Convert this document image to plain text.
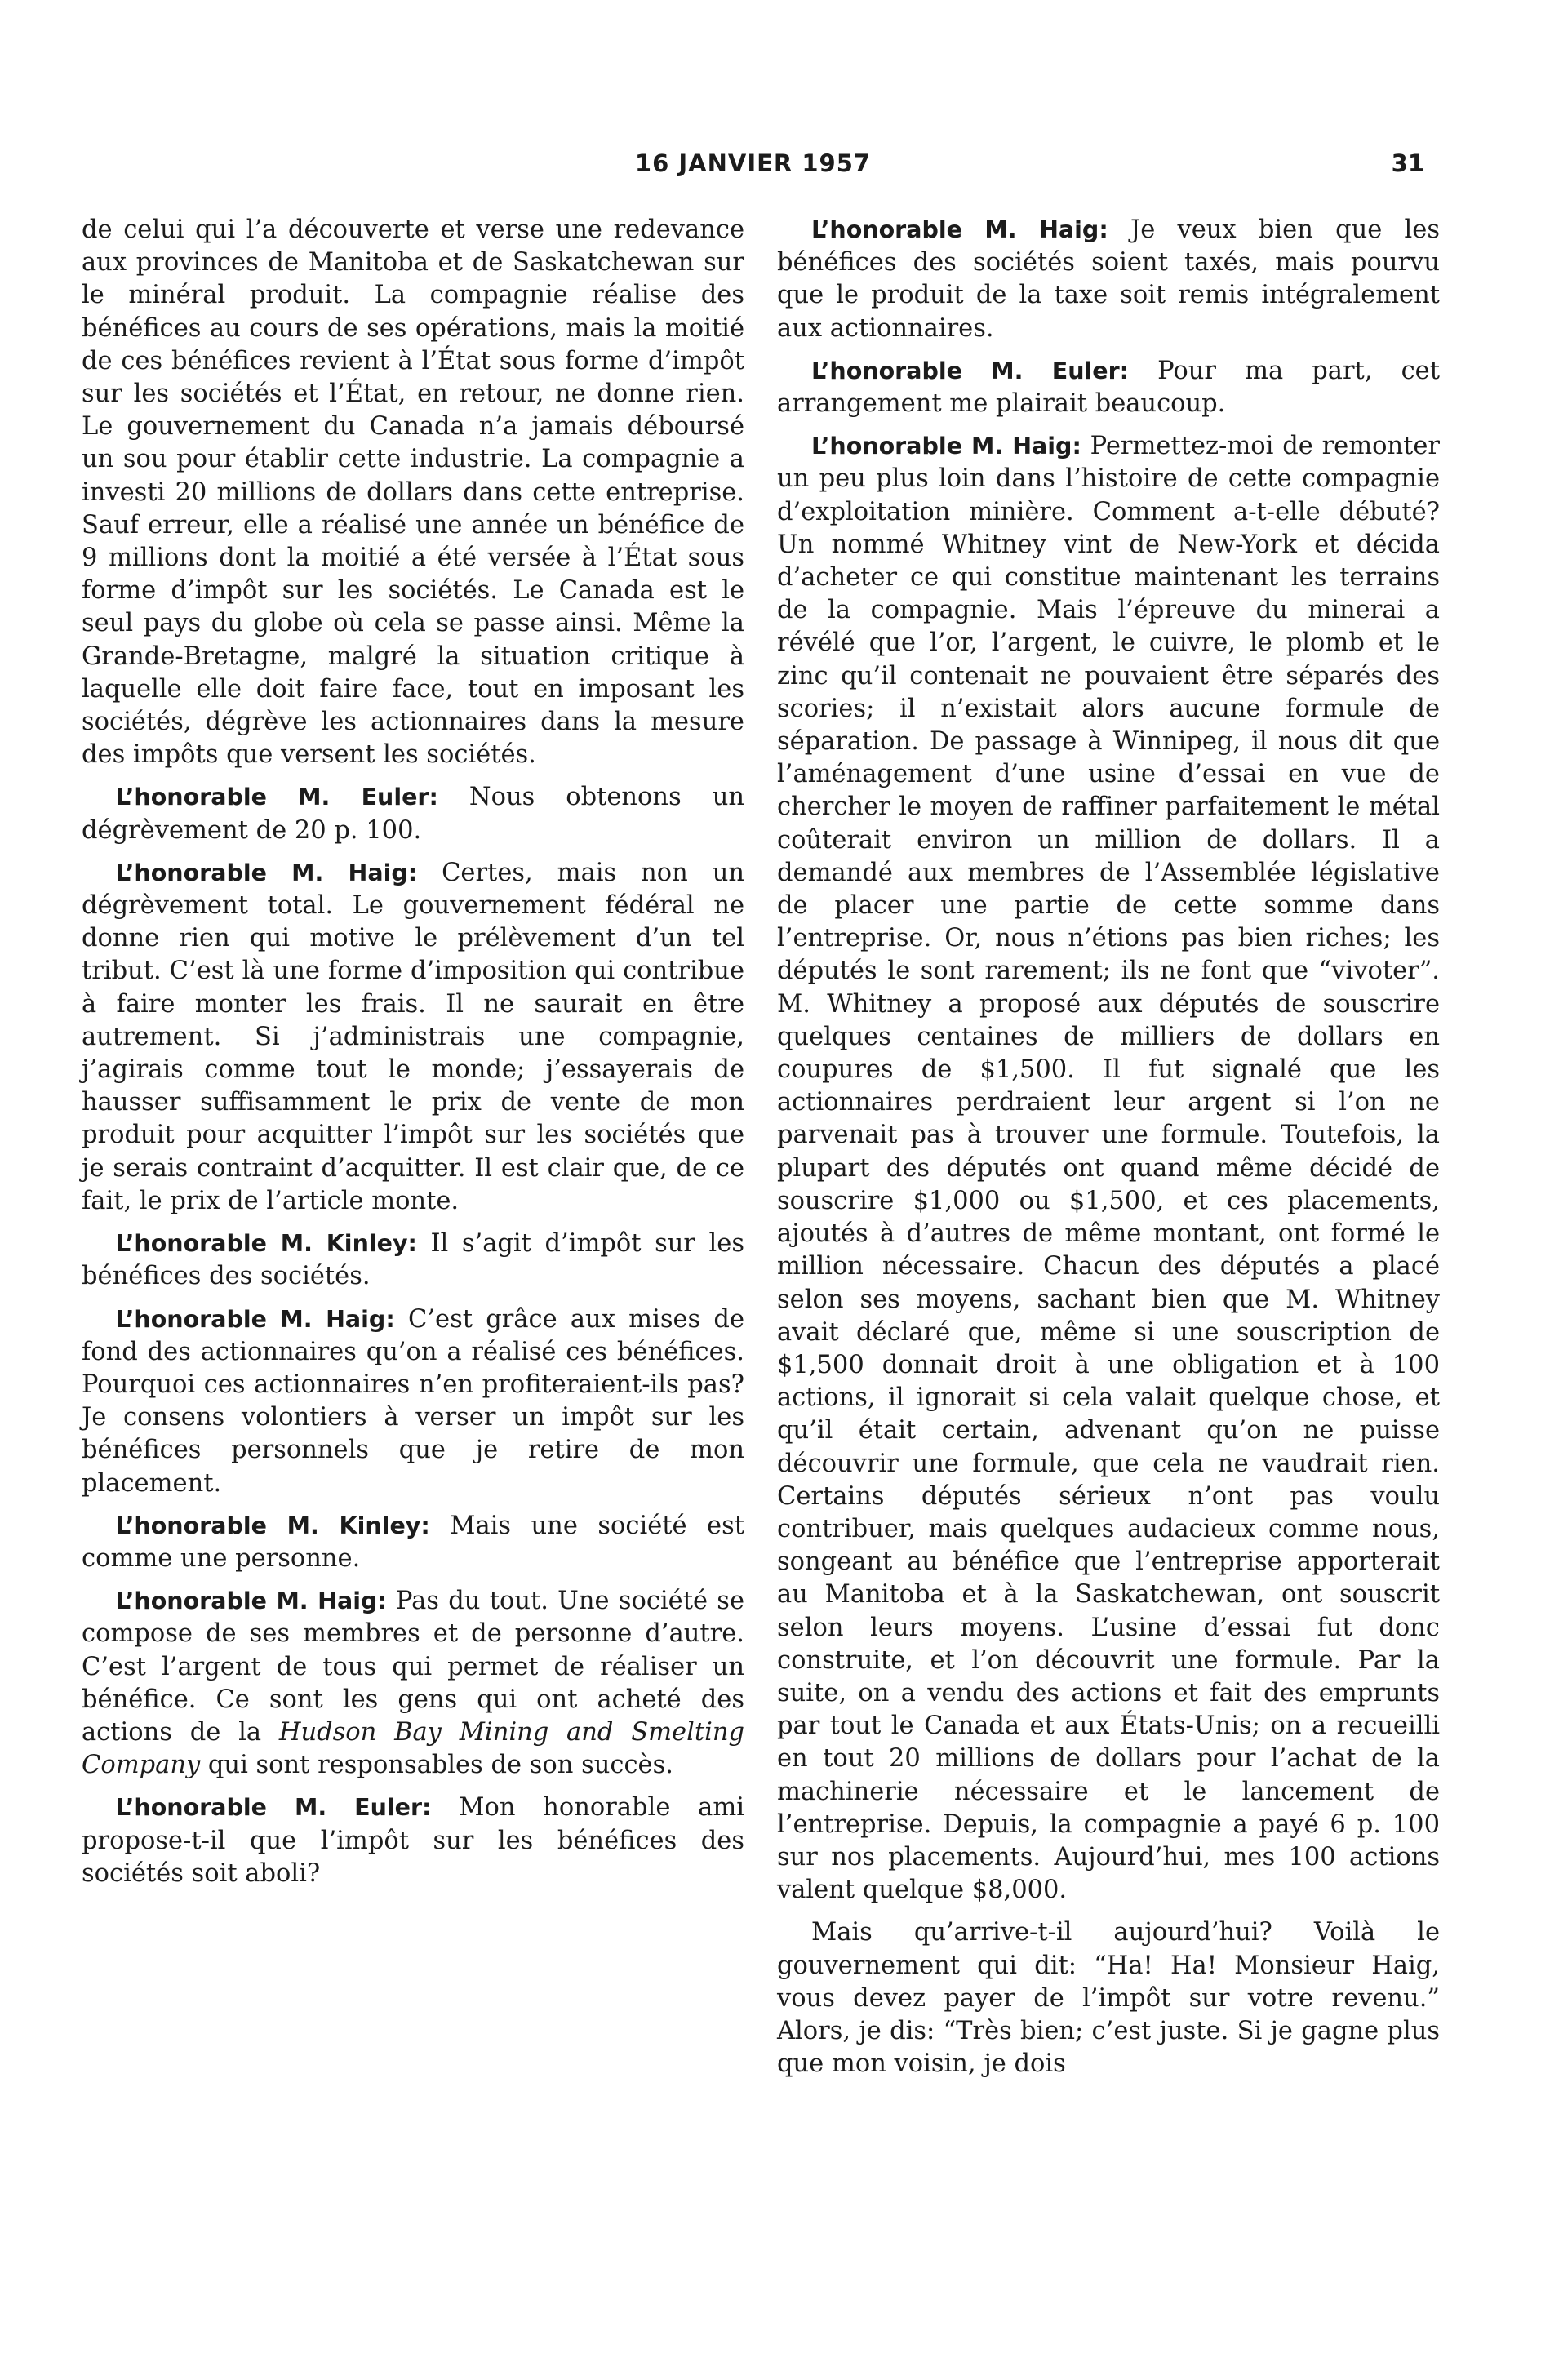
16 JANVIER 1957	31

de celui qui l’a découverte et verse une redevance aux provinces de Manitoba et de Saskatchewan sur le minéral produit. La compagnie réalise des bénéfices au cours de ses opérations, mais la moitié de ces bénéfices revient à l’État sous forme d’impôt sur les sociétés et l’État, en retour, ne donne rien. Le gouvernement du Canada n’a jamais déboursé un sou pour établir cette industrie. La compagnie a investi 20 millions de dollars dans cette entreprise. Sauf erreur, elle a réalisé une année un bénéfice de 9 millions dont la moitié a été versée à l’État sous forme d’impôt sur les sociétés. Le Canada est le seul pays du globe où cela se passe ainsi. Même la Grande-Bretagne, malgré la situation critique à laquelle elle doit faire face, tout en imposant les sociétés, dégrève les actionnaires dans la mesure des impôts que versent les sociétés.

L’honorable M. Euler: Nous obtenons un dégrèvement de 20 p. 100.

L’honorable M. Haig: Certes, mais non un dégrèvement total. Le gouvernement fédéral ne donne rien qui motive le prélèvement d’un tel tribut. C’est là une forme d’imposition qui contribue à faire monter les frais. Il ne saurait en être autrement. Si j’administrais une compagnie, j’agirais comme tout le monde; j’essayerais de hausser suffisamment le prix de vente de mon produit pour acquitter l’impôt sur les sociétés que je serais contraint d’acquitter. Il est clair que, de ce fait, le prix de l’article monte.

L’honorable M. Kinley: Il s’agit d’impôt sur les bénéfices des sociétés.

L’honorable M. Haig: C’est grâce aux mises de fond des actionnaires qu’on a réalisé ces bénéfices. Pourquoi ces actionnaires n’en profiteraient-ils pas? Je consens volontiers à verser un impôt sur les bénéfices personnels que je retire de mon placement.

L’honorable M. Kinley: Mais une société est comme une personne.

L’honorable M. Haig: Pas du tout. Une société se compose de ses membres et de personne d’autre. C’est l’argent de tous qui permet de réaliser un bénéfice. Ce sont les gens qui ont acheté des actions de la Hudson Bay Mining and Smelting Company qui sont responsables de son succès.

L’honorable M. Euler: Mon honorable ami propose-t-il que l’impôt sur les bénéfices des sociétés soit aboli?

L’honorable M. Haig: Je veux bien que les bénéfices des sociétés soient taxés, mais pourvu que le produit de la taxe soit remis intégralement aux actionnaires.

L’honorable M. Euler: Pour ma part, cet arrangement me plairait beaucoup.

L’honorable M. Haig: Permettez-moi de remonter un peu plus loin dans l’histoire de cette compagnie d’exploitation minière. Comment a-t-elle débuté? Un nommé Whitney vint de New-York et décida d’acheter ce qui constitue maintenant les terrains de la compagnie. Mais l’épreuve du minerai a révélé que l’or, l’argent, le cuivre, le plomb et le zinc qu’il contenait ne pouvaient être séparés des scories; il n’existait alors aucune formule de séparation. De passage à Winnipeg, il nous dit que l’aménagement d’une usine d’essai en vue de chercher le moyen de raffiner parfaitement le métal coûterait environ un million de dollars. Il a demandé aux membres de l’Assemblée législative de placer une partie de cette somme dans l’entreprise. Or, nous n’étions pas bien riches; les députés le sont rarement; ils ne font que “vivoter”. M. Whitney a proposé aux députés de souscrire quelques centaines de milliers de dollars en coupures de $1,500. Il fut signalé que les actionnaires perdraient leur argent si l’on ne parvenait pas à trouver une formule. Toutefois, la plupart des députés ont quand même décidé de souscrire $1,000 ou $1,500, et ces placements, ajoutés à d’autres de même montant, ont formé le million nécessaire. Chacun des députés a placé selon ses moyens, sachant bien que M. Whitney avait déclaré que, même si une souscription de $1,500 donnait droit à une obligation et à 100 actions, il ignorait si cela valait quelque chose, et qu’il était certain, advenant qu’on ne puisse découvrir une formule, que cela ne vaudrait rien. Certains députés sérieux n’ont pas voulu contribuer, mais quelques audacieux comme nous, songeant au bénéfice que l’entreprise apporterait au Manitoba et à la Saskatchewan, ont souscrit selon leurs moyens. L’usine d’essai fut donc construite, et l’on découvrit une formule. Par la suite, on a vendu des actions et fait des emprunts par tout le Canada et aux États-Unis; on a recueilli en tout 20 millions de dollars pour l’achat de la machinerie nécessaire et le lancement de l’entreprise. Depuis, la compagnie a payé 6 p. 100 sur nos placements. Aujourd’hui, mes 100 actions valent quelque $8,000.

Mais qu’arrive-t-il aujourd’hui? Voilà le gouvernement qui dit: “Ha! Ha! Monsieur Haig, vous devez payer de l’impôt sur votre revenu.” Alors, je dis: “Très bien; c’est juste. Si je gagne plus que mon voisin, je dois
